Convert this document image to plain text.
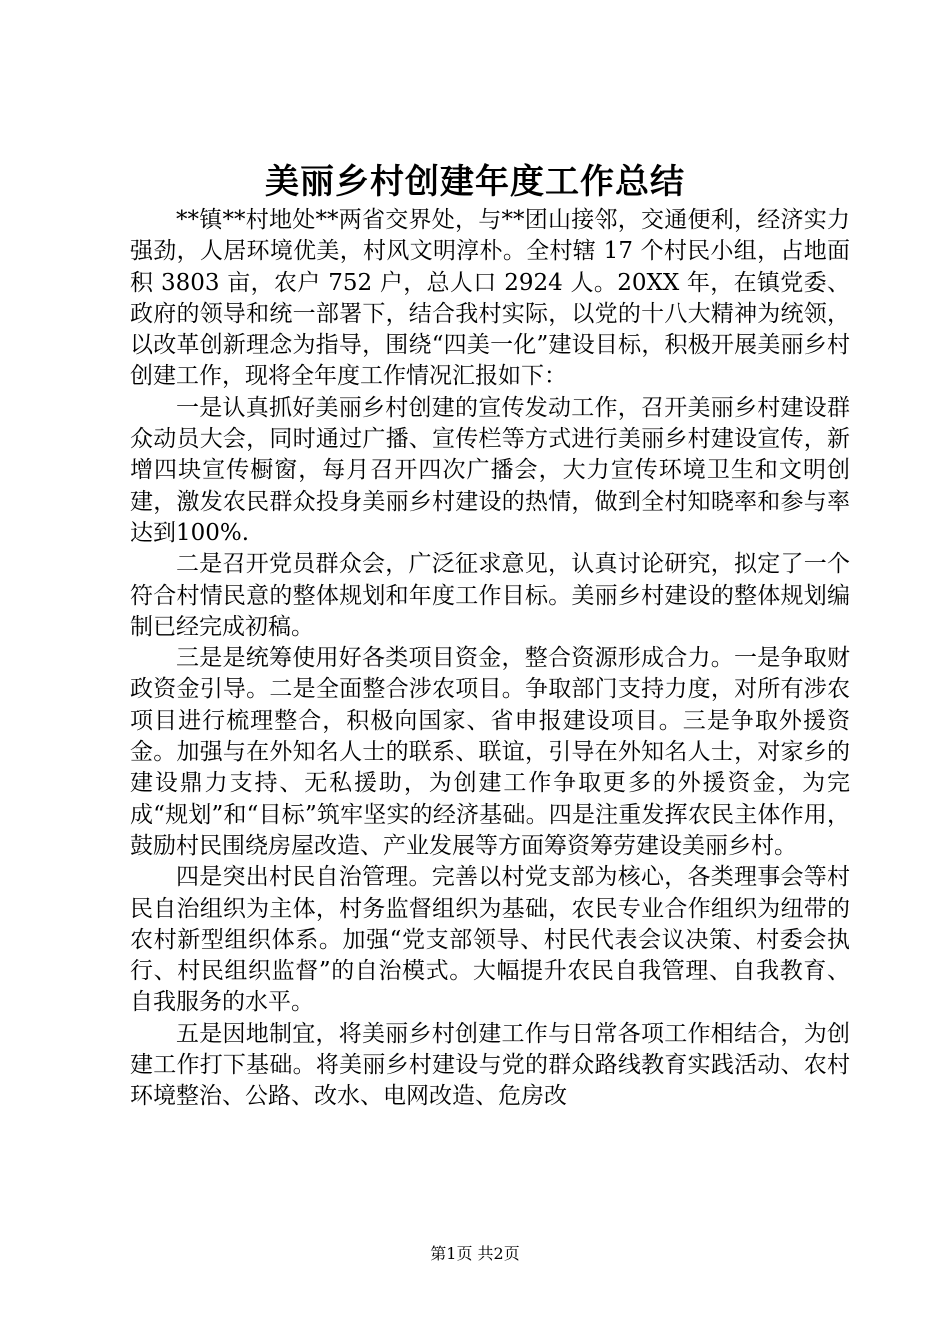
美丽乡村创建年度工作总结

**镇**村地处**两省交界处，与**团山接邻，交通便利，经济实力强劲，人居环境优美，村风文明淳朴。全村辖 17 个村民小组，占地面积 3803 亩，农户 752 户，总人口 2924 人。20XX 年，在镇党委、政府的领导和统一部署下，结合我村实际，以党的十八大精神为统领，以改革创新理念为指导，围绕“四美一化”建设目标，积极开展美丽乡村创建工作，现将全年度工作情况汇报如下：

一是认真抓好美丽乡村创建的宣传发动工作，召开美丽乡村建设群众动员大会，同时通过广播、宣传栏等方式进行美丽乡村建设宣传，新增四块宣传橱窗，每月召开四次广播会，大力宣传环境卫生和文明创建，激发农民群众投身美丽乡村建设的热情，做到全村知晓率和参与率达到100%.

二是召开党员群众会，广泛征求意见，认真讨论研究，拟定了一个符合村情民意的整体规划和年度工作目标。美丽乡村建设的整体规划编制已经完成初稿。

三是是统筹使用好各类项目资金，整合资源形成合力。一是争取财政资金引导。二是全面整合涉农项目。争取部门支持力度，对所有涉农项目进行梳理整合，积极向国家、省申报建设项目。三是争取外援资金。加强与在外知名人士的联系、联谊，引导在外知名人士，对家乡的建设鼎力支持、无私援助，为创建工作争取更多的外援资金，为完成“规划”和“目标”筑牢坚实的经济基础。四是注重发挥农民主体作用，鼓励村民围绕房屋改造、产业发展等方面筹资筹劳建设美丽乡村。

四是突出村民自治管理。完善以村党支部为核心，各类理事会等村民自治组织为主体，村务监督组织为基础，农民专业合作组织为纽带的农村新型组织体系。加强“党支部领导、村民代表会议决策、村委会执行、村民组织监督”的自治模式。大幅提升农民自我管理、自我教育、自我服务的水平。

五是因地制宜，将美丽乡村创建工作与日常各项工作相结合，为创建工作打下基础。将美丽乡村建设与党的群众路线教育实践活动、农村环境整治、公路、改水、电网改造、危房改

第1页 共2页
